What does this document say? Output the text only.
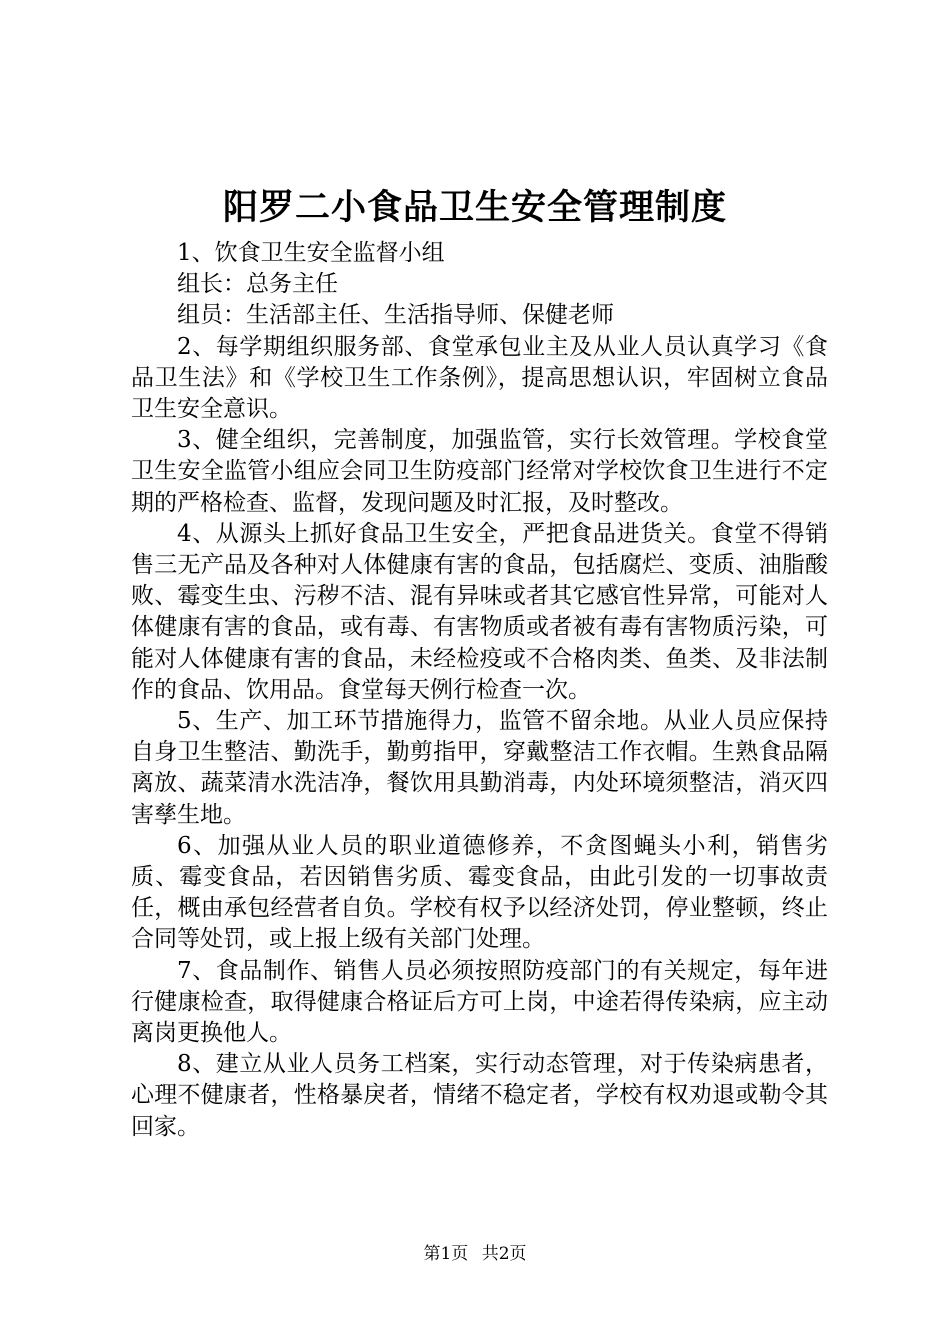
阳罗二小食品卫生安全管理制度

1、饮食卫生安全监督小组

组长：总务主任

组员：生活部主任、生活指导师、保健老师

2、每学期组织服务部、食堂承包业主及从业人员认真学习《食品卫生法》和《学校卫生工作条例》，提高思想认识，牢固树立食品卫生安全意识。

3、健全组织，完善制度，加强监管，实行长效管理。学校食堂卫生安全监管小组应会同卫生防疫部门经常对学校饮食卫生进行不定期的严格检查、监督，发现问题及时汇报，及时整改。

4、从源头上抓好食品卫生安全，严把食品进货关。食堂不得销售三无产品及各种对人体健康有害的食品，包括腐烂、变质、油脂酸败、霉变生虫、污秽不洁、混有异味或者其它感官性异常，可能对人体健康有害的食品，或有毒、有害物质或者被有毒有害物质污染，可能对人体健康有害的食品，未经检疫或不合格肉类、鱼类、及非法制作的食品、饮用品。食堂每天例行检查一次。

5、生产、加工环节措施得力，监管不留余地。从业人员应保持自身卫生整洁、勤洗手，勤剪指甲，穿戴整洁工作衣帽。生熟食品隔离放、蔬菜清水洗洁净，餐饮用具勤消毒，内处环境须整洁，消灭四害孳生地。

6、加强从业人员的职业道德修养，不贪图蝇头小利，销售劣质、霉变食品，若因销售劣质、霉变食品，由此引发的一切事故责任，概由承包经营者自负。学校有权予以经济处罚，停业整顿，终止合同等处罚，或上报上级有关部门处理。

7、食品制作、销售人员必须按照防疫部门的有关规定，每年进行健康检查，取得健康合格证后方可上岗，中途若得传染病，应主动离岗更换他人。

8、建立从业人员务工档案，实行动态管理，对于传染病患者，心理不健康者，性格暴戾者，情绪不稳定者，学校有权劝退或勒令其回家。

第1页 共2页
